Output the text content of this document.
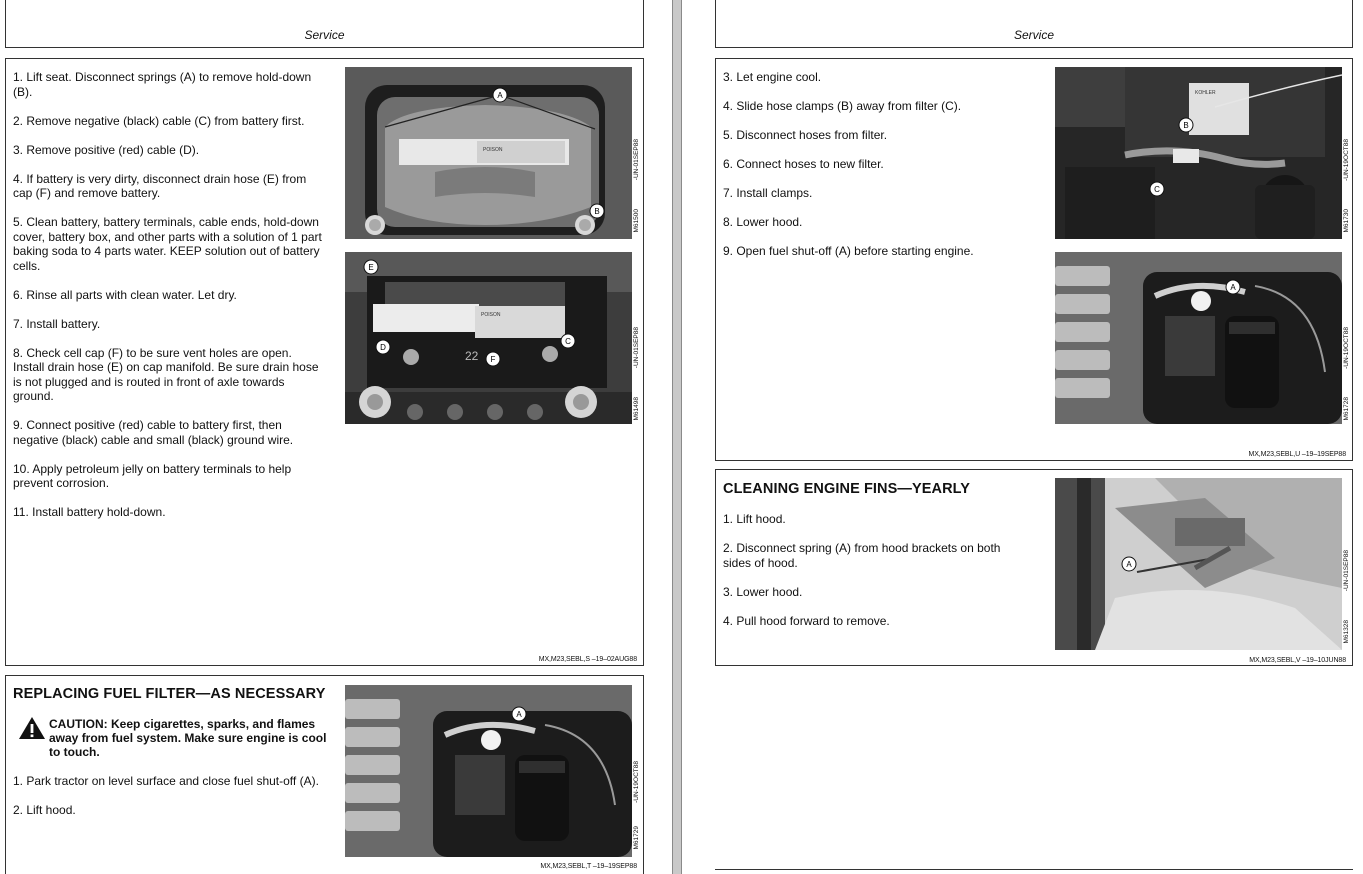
Service

1. Lift seat. Disconnect springs (A) to remove hold-down (B).

2. Remove negative (black) cable (C) from battery first.

3. Remove positive (red) cable (D).

4. If battery is very dirty, disconnect drain hose (E) from cap (F) and remove battery.

5. Clean battery, battery terminals, cable ends, hold-down cover, battery box, and other parts with a solution of 1 part baking soda to 4 parts water. KEEP solution out of battery cells.

6. Rinse all parts with clean water. Let dry.

7. Install battery.

8. Check cell cap (F) to be sure vent holes are open. Install drain hose (E) on cap manifold. Be sure drain hose is not plugged and is routed in front of axle towards ground.

9. Connect positive (red) cable to battery first, then negative (black) cable and small (black) ground wire.

10. Apply petroleum jelly on battery terminals to help prevent corrosion.

11. Install battery hold-down.

POISON
A
B
-UN-01SEP88
M61500
POISON
22
E
D
F
C	-UN-01SEP88
M61498
MX,M23,SEBL,S –19–02AUG88
REPLACING FUEL FILTER—AS NECESSARY
CAUTION: Keep cigarettes, sparks, and flames away from fuel system. Make sure engine is cool to touch.

1. Park tractor on level surface and close fuel shut-off (A).

2. Lift hood.

A
-UN-19OCT88
M61729
MX,M23,SEBL,T –19–19SEP88
Service

3. Let engine cool.

4. Slide hose clamps (B) away from filter (C).

5. Disconnect hoses from filter.

6. Connect hoses to new filter.

7. Install clamps.

8. Lower hood.

9. Open fuel shut-off (A) before starting engine.

KOHLER
B
C
-UN-19OCT88
M61730
A
-UN-19OCT88
M61728
MX,M23,SEBL,U –19–19SEP88
CLEANING ENGINE FINS—YEARLY

1. Lift hood.

2. Disconnect spring (A) from hood brackets on both sides of hood.

3. Lower hood.

4. Pull hood forward to remove.

A	-UN-01SEP88
M61328
MX,M23,SEBL,V –19–10JUN88
